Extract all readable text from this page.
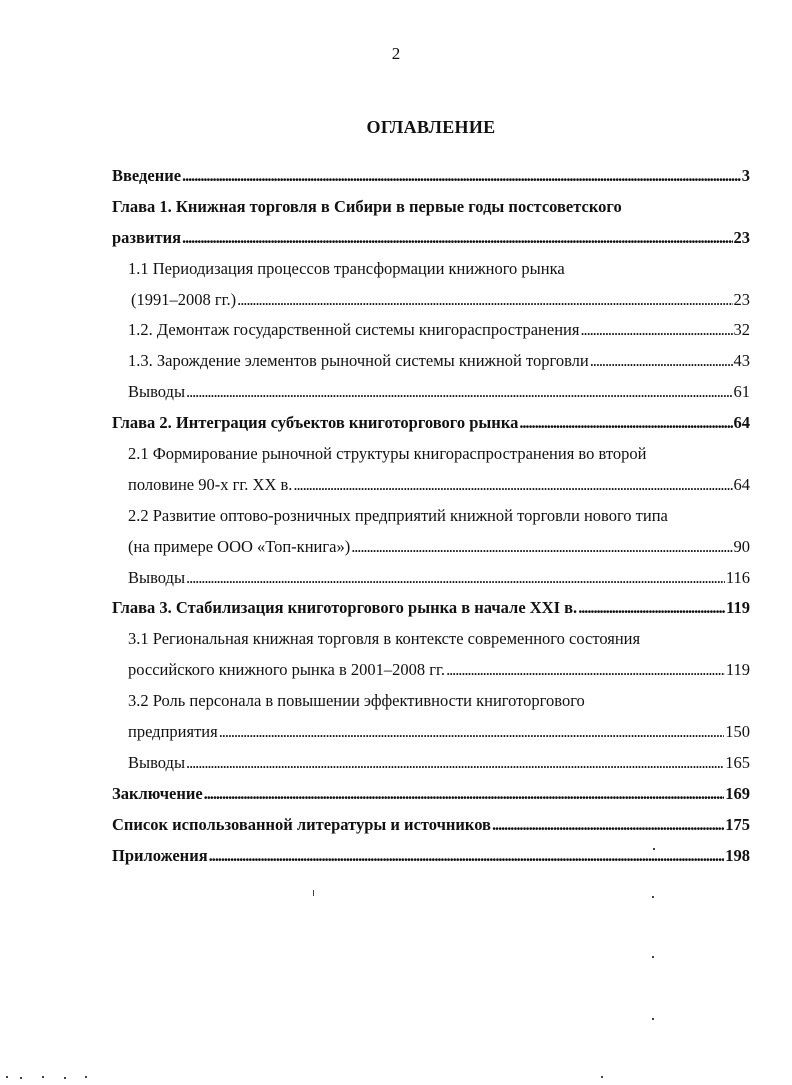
2
ОГЛАВЛЕНИЕ
Введение . . .	3
Глава 1. Книжная торговля в Сибири в первые годы постсоветского
развития . . .	23
1.1 Периодизация процессов трансформации книжного рынка
(1991–2008 гг.) . . .	23
1.2. Демонтаж государственной системы книгораспространения . . .	32
1.3. Зарождение элементов рыночной системы книжной торговли . . .	43
Выводы . . .	61
Глава 2. Интеграция субъектов книготоргового рынка . . .	64
2.1 Формирование рыночной структуры книгораспространения во второй
половине 90-х гг. XX в. . . .	64
2.2 Развитие оптово-розничных предприятий книжной торговли нового типа
(на примере ООО «Топ-книга») . . .	90
Выводы . . .	116
Глава 3. Стабилизация книготоргового рынка в начале XXI в. . . .	119
3.1 Региональная книжная торговля в контексте современного состояния
российского книжного рынка в 2001–2008 гг. . . .	119
3.2 Роль персонала в повышении эффективности книготоргового
предприятия . . .	150
Выводы . . .	165
Заключение . . .	169
Список использованной литературы и источников . . .	175
Приложения . . .	198
